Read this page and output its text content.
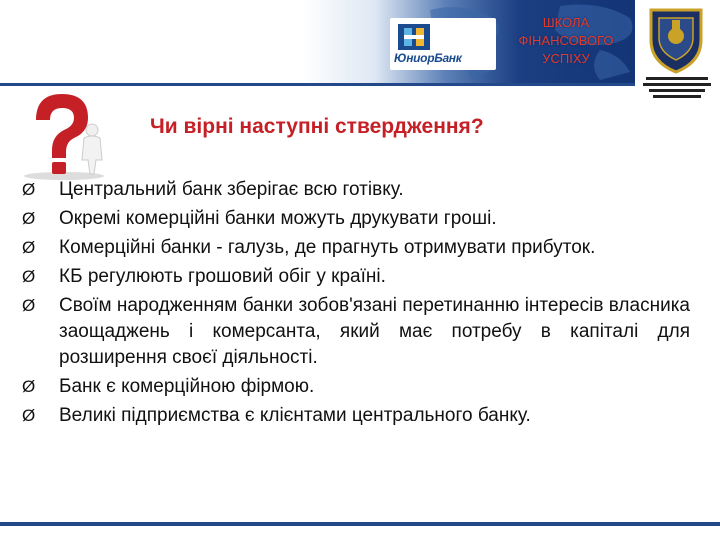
ЮниорБанк
ШКОЛА
ФІНАНСОВОГО
УСПІХУ
Чи вірні наступні ствердження?
Ø Центральний банк зберігає всю готівку.
Ø Окремі комерційні банки можуть друкувати гроші.
Ø Комерційні банки - галузь, де прагнуть отримувати прибуток.
Ø КБ регулюють грошовий обіг у країні.
Ø Своїм народженням банки зобов'язані перетинанню інтересів власника заощаджень і комерсанта, який має потребу в капіталі для розширення своєї діяльності.
Ø Банк є комерційною фірмою.
Ø Великі підприємства є клієнтами центрального банку.
